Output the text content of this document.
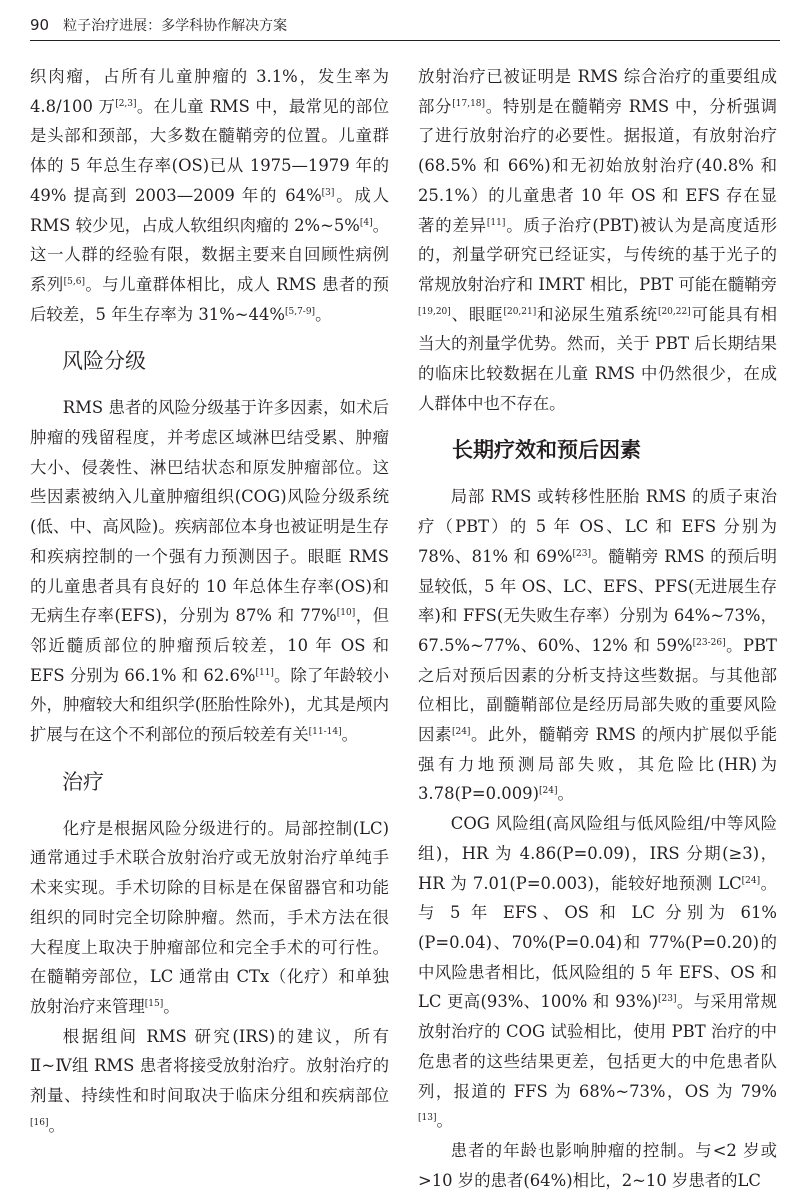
90 粒子治疗进展：多学科协作解决方案

织肉瘤，占所有儿童肿瘤的 3.1%，发生率为 4.8/100 万[2,3]。在儿童 RMS 中，最常见的部位是头部和颈部，大多数在髓鞘旁的位置。儿童群体的 5 年总生存率(OS)已从 1975—1979 年的 49% 提高到 2003—2009 年的 64%[3]。成人 RMS 较少见，占成人软组织肉瘤的 2%~5%[4]。这一人群的经验有限，数据主要来自回顾性病例系列[5,6]。与儿童群体相比，成人 RMS 患者的预后较差，5 年生存率为 31%~44%[5,7-9]。

风险分级

RMS 患者的风险分级基于许多因素，如术后肿瘤的残留程度，并考虑区域淋巴结受累、肿瘤大小、侵袭性、淋巴结状态和原发肿瘤部位。这些因素被纳入儿童肿瘤组织(COG)风险分级系统(低、中、高风险)。疾病部位本身也被证明是生存和疾病控制的一个强有力预测因子。眼眶 RMS 的儿童患者具有良好的 10 年总体生存率(OS)和无病生存率(EFS)，分别为 87% 和 77%[10]，但邻近髓质部位的肿瘤预后较差，10 年 OS 和 EFS 分别为 66.1% 和 62.6%[11]。除了年龄较小外，肿瘤较大和组织学(胚胎性除外)，尤其是颅内扩展与在这个不利部位的预后较差有关[11-14]。

治疗

化疗是根据风险分级进行的。局部控制(LC)通常通过手术联合放射治疗或无放射治疗单纯手术来实现。手术切除的目标是在保留器官和功能组织的同时完全切除肿瘤。然而，手术方法在很大程度上取决于肿瘤部位和完全手术的可行性。在髓鞘旁部位，LC 通常由 CTx（化疗）和单独放射治疗来管理[15]。

根据组间 RMS 研究(IRS)的建议，所有 Ⅱ~Ⅳ组 RMS 患者将接受放射治疗。放射治疗的剂量、持续性和时间取决于临床分组和疾病部位[16]。

放射治疗已被证明是 RMS 综合治疗的重要组成部分[17,18]。特别是在髓鞘旁 RMS 中，分析强调了进行放射治疗的必要性。据报道，有放射治疗(68.5% 和 66%)和无初始放射治疗(40.8% 和 25.1%）的儿童患者 10 年 OS 和 EFS 存在显著的差异[11]。质子治疗(PBT)被认为是高度适形的，剂量学研究已经证实，与传统的基于光子的常规放射治疗和 IMRT 相比，PBT 可能在髓鞘旁[19,20]、眼眶[20,21]和泌尿生殖系统[20,22]可能具有相当大的剂量学优势。然而，关于 PBT 后长期结果的临床比较数据在儿童 RMS 中仍然很少，在成人群体中也不存在。

长期疗效和预后因素

局部 RMS 或转移性胚胎 RMS 的质子束治疗（PBT）的 5 年 OS、LC 和 EFS 分别为 78%、81% 和 69%[23]。髓鞘旁 RMS 的预后明显较低，5 年 OS、LC、EFS、PFS(无进展生存率)和 FFS(无失败生存率）分别为 64%~73%，67.5%~77%、60%、12% 和 59%[23-26]。PBT 之后对预后因素的分析支持这些数据。与其他部位相比，副髓鞘部位是经历局部失败的重要风险因素[24]。此外，髓鞘旁 RMS 的颅内扩展似乎能强有力地预测局部失败，其危险比(HR)为 3.78(P=0.009)[24]。

COG 风险组(高风险组与低风险组/中等风险组)，HR 为 4.86(P=0.09)，IRS 分期(≥3)，HR 为 7.01(P=0.003)，能较好地预测 LC[24]。与 5 年 EFS、OS 和 LC 分别为 61%(P=0.04)、70%(P=0.04)和 77%(P=0.20)的中风险患者相比，低风险组的 5 年 EFS、OS 和 LC 更高(93%、100% 和 93%)[23]。与采用常规放射治疗的 COG 试验相比，使用 PBT 治疗的中危患者的这些结果更差，包括更大的中危患者队列，报道的 FFS 为 68%~73%，OS 为 79%[13]。

患者的年龄也影响肿瘤的控制。与<2 岁或>10 岁的患者(64%)相比，2~10 岁患者的LC
